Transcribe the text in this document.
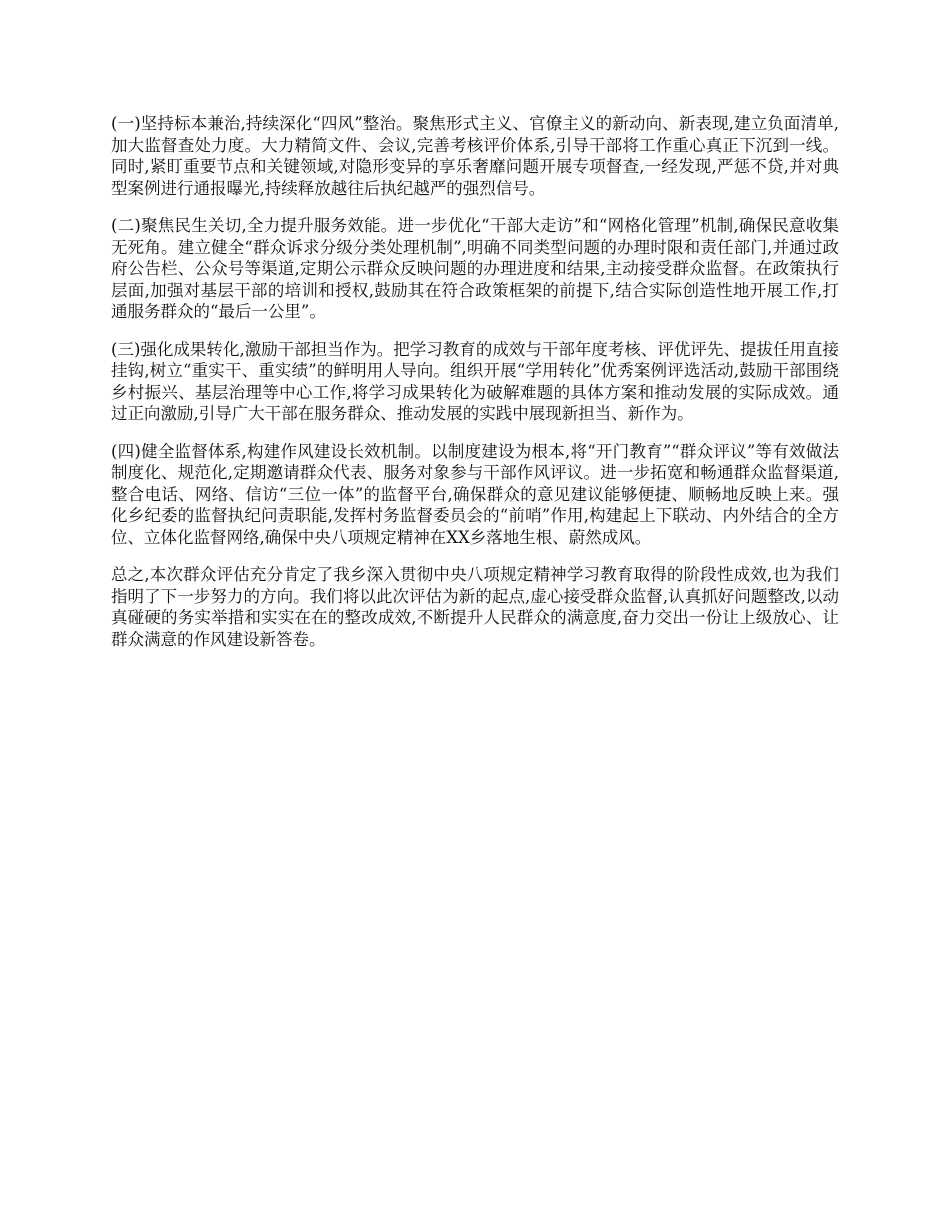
(一)坚持标本兼治,持续深化“四风”整治。聚焦形式主义、官僚主义的新动向、新表现,建立负面清单,加大监督查处力度。大力精简文件、会议,完善考核评价体系,引导干部将工作重心真正下沉到一线。同时,紧盯重要节点和关键领域,对隐形变异的享乐奢靡问题开展专项督查,一经发现,严惩不贷,并对典型案例进行通报曝光,持续释放越往后执纪越严的强烈信号。

(二)聚焦民生关切,全力提升服务效能。进一步优化“干部大走访”和“网格化管理”机制,确保民意收集无死角。建立健全“群众诉求分级分类处理机制”,明确不同类型问题的办理时限和责任部门,并通过政府公告栏、公众号等渠道,定期公示群众反映问题的办理进度和结果,主动接受群众监督。在政策执行层面,加强对基层干部的培训和授权,鼓励其在符合政策框架的前提下,结合实际创造性地开展工作,打通服务群众的“最后一公里”。

(三)强化成果转化,激励干部担当作为。把学习教育的成效与干部年度考核、评优评先、提拔任用直接挂钩,树立“重实干、重实绩”的鲜明用人导向。组织开展“学用转化”优秀案例评选活动,鼓励干部围绕乡村振兴、基层治理等中心工作,将学习成果转化为破解难题的具体方案和推动发展的实际成效。通过正向激励,引导广大干部在服务群众、推动发展的实践中展现新担当、新作为。

(四)健全监督体系,构建作风建设长效机制。以制度建设为根本,将“开门教育”“群众评议”等有效做法制度化、规范化,定期邀请群众代表、服务对象参与干部作风评议。进一步拓宽和畅通群众监督渠道,整合电话、网络、信访“三位一体”的监督平台,确保群众的意见建议能够便捷、顺畅地反映上来。强化乡纪委的监督执纪问责职能,发挥村务监督委员会的“前哨”作用,构建起上下联动、内外结合的全方位、立体化监督网络,确保中央八项规定精神在XX乡落地生根、蔚然成风。

总之,本次群众评估充分肯定了我乡深入贯彻中央八项规定精神学习教育取得的阶段性成效,也为我们指明了下一步努力的方向。我们将以此次评估为新的起点,虚心接受群众监督,认真抓好问题整改,以动真碰硬的务实举措和实实在在的整改成效,不断提升人民群众的满意度,奋力交出一份让上级放心、让群众满意的作风建设新答卷。
